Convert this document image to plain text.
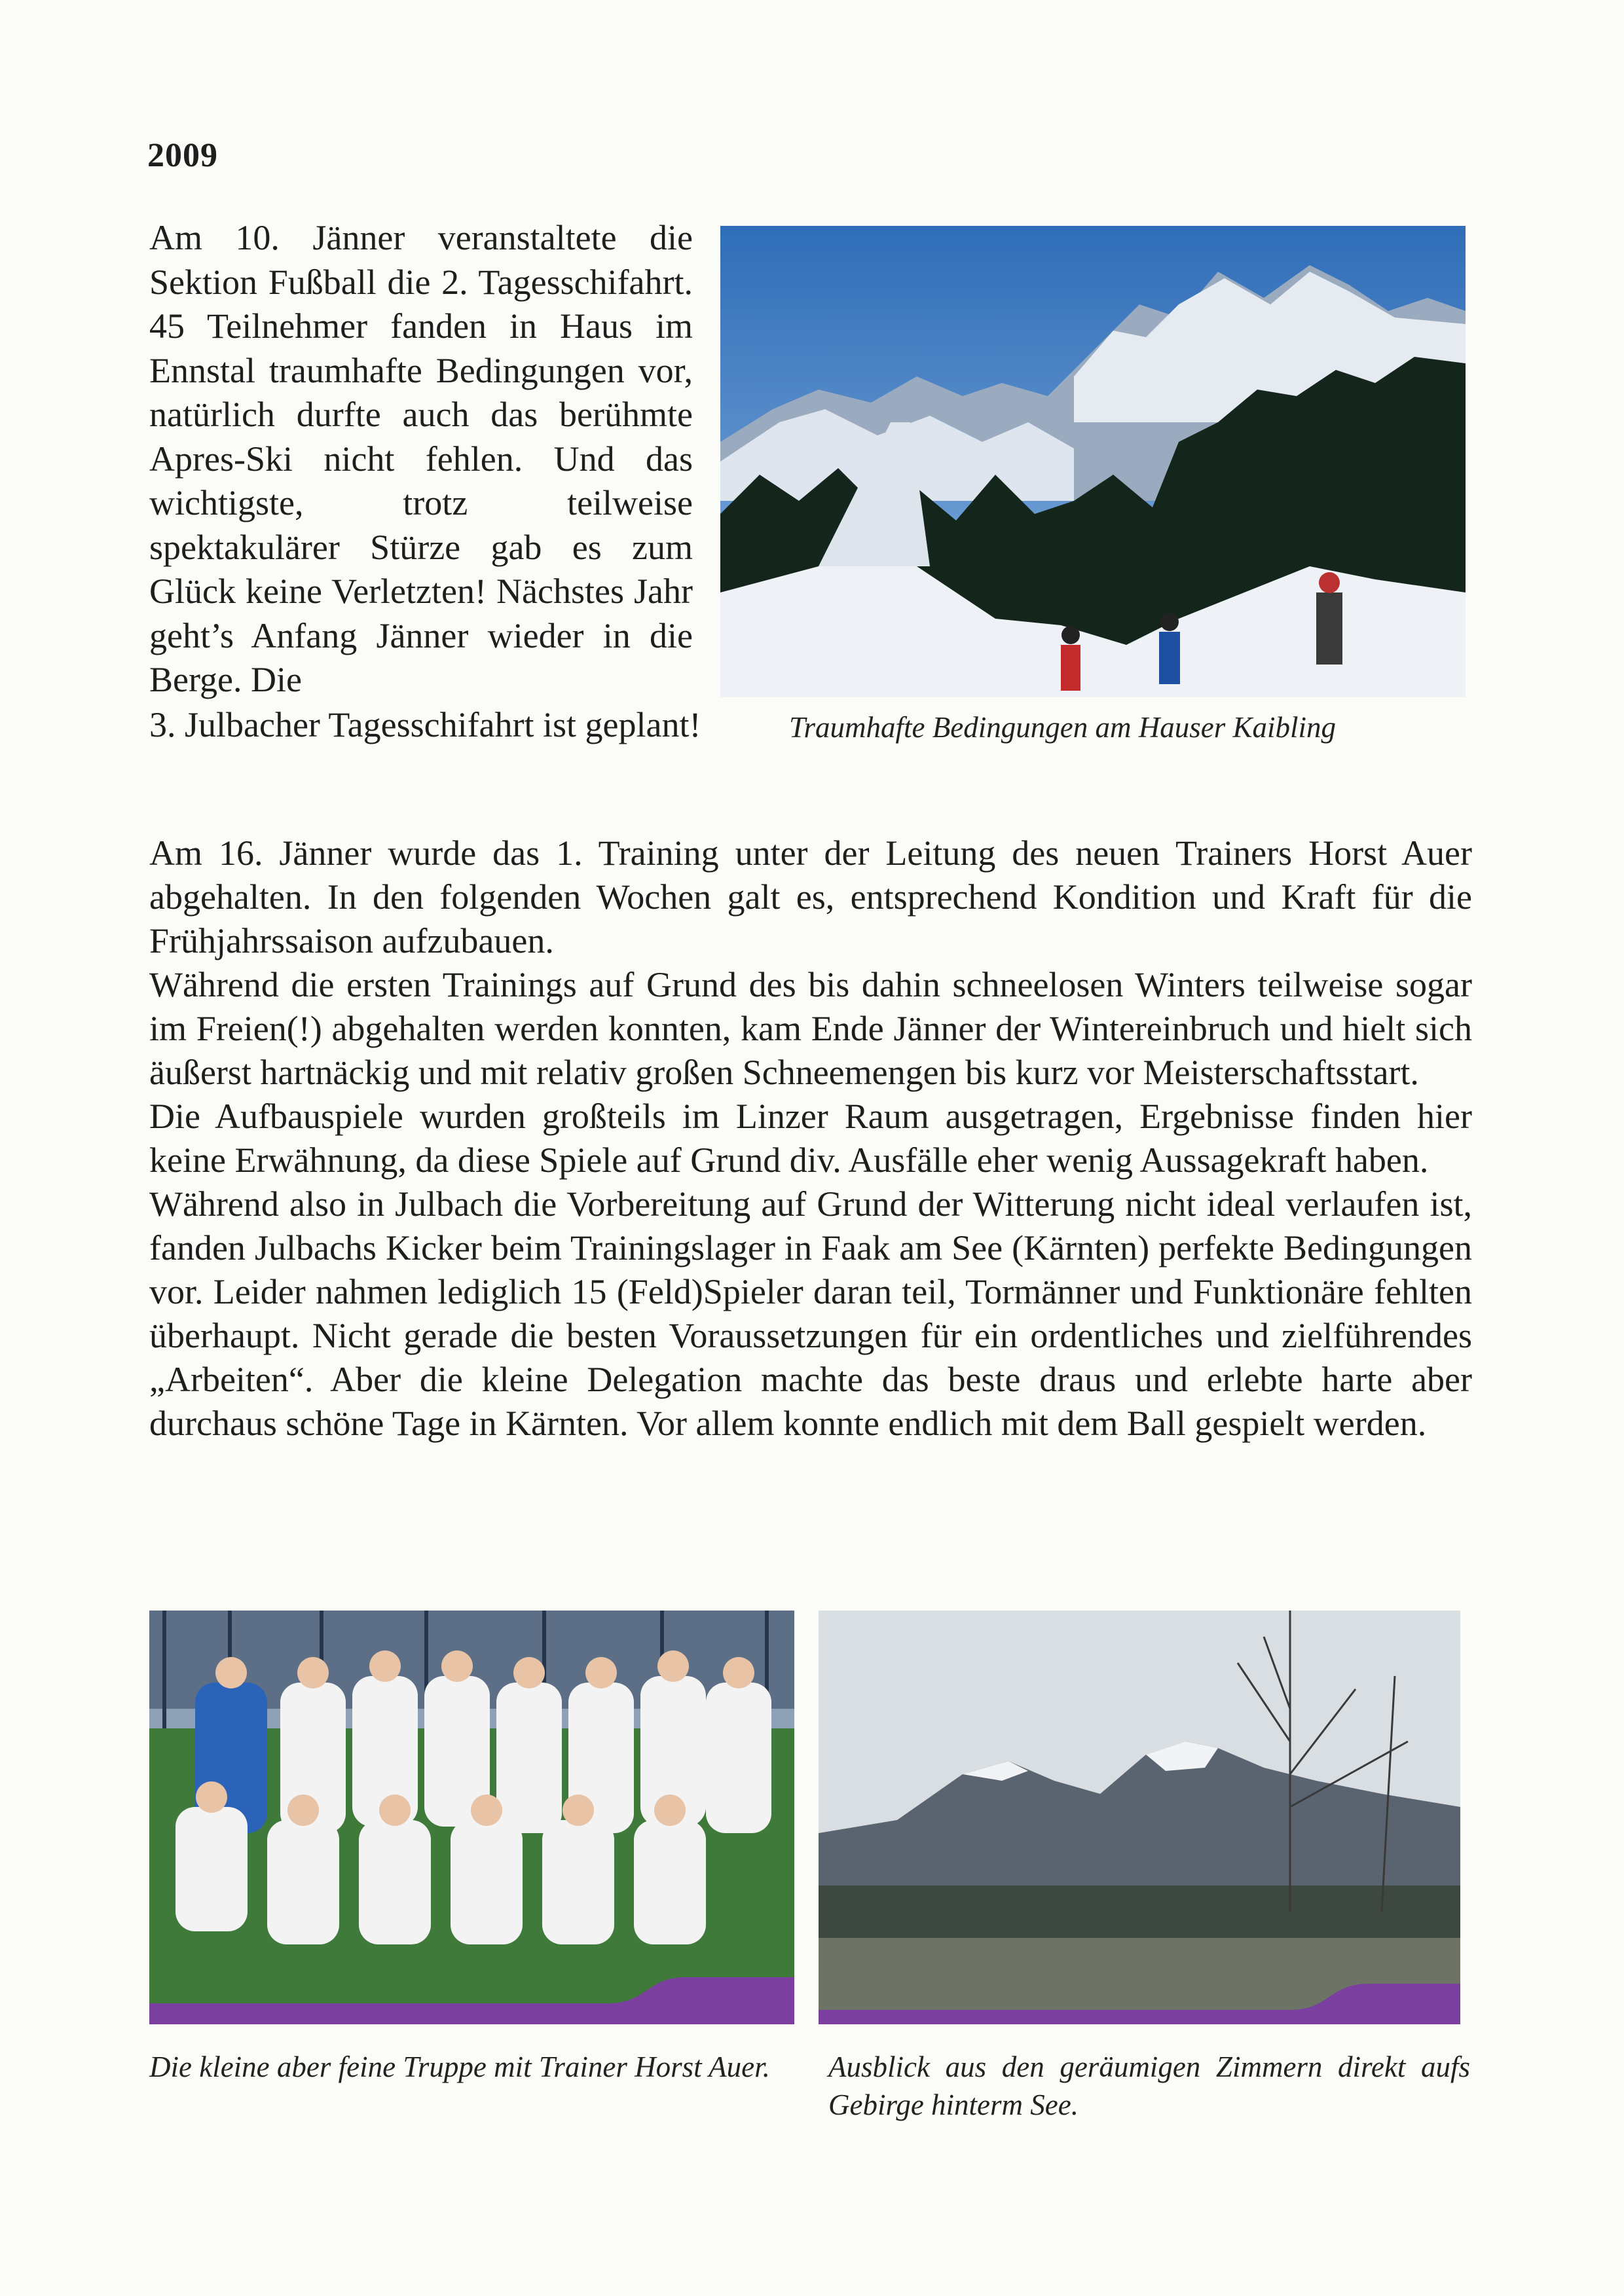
2009
Am 10. Jänner veranstaltete die Sektion Fußball die 2. Tagesschifahrt. 45 Teilnehmer fanden in Haus im Ennstal traumhafte Bedingungen vor, natürlich durfte auch das berühmte Apres-Ski nicht fehlen. Und das wichtigste, trotz teilweise spektakulärer Stürze gab es zum Glück keine Verletzten! Nächstes Jahr geht’s Anfang Jänner wieder in die Berge. Die
3. Julbacher Tagesschifahrt ist geplant!	Traumhafte Bedingungen am Hauser Kaibling

Am 16. Jänner wurde das 1. Training unter der Leitung des neuen Trainers Horst Auer abgehalten. In den folgenden Wochen galt es, entsprechend Kondition und Kraft für die Frühjahrssaison aufzubauen.

Während die ersten Trainings auf Grund des bis dahin schneelosen Winters teilweise sogar im Freien(!) abgehalten werden konnten, kam Ende Jänner der Wintereinbruch und hielt sich äußerst hartnäckig und mit relativ großen Schneemengen bis kurz vor Meisterschaftsstart.

Die Aufbauspiele wurden großteils im Linzer Raum ausgetragen, Ergebnisse finden hier keine Erwähnung, da diese Spiele auf Grund div. Ausfälle eher wenig Aussagekraft haben.

Während also in Julbach die Vorbereitung auf Grund der Witterung nicht ideal verlaufen ist, fanden Julbachs Kicker beim Trainingslager in Faak am See (Kärnten) perfekte Bedingungen vor. Leider nahmen lediglich 15 (Feld)Spieler daran teil, Tormänner und Funktionäre fehlten überhaupt. Nicht gerade die besten Voraussetzungen für ein ordentliches und zielführendes „Arbeiten“. Aber die kleine Delegation machte das beste draus und erlebte harte aber durchaus schöne Tage in Kärnten. Vor allem konnte endlich mit dem Ball gespielt werden.

Die kleine aber feine Truppe mit Trainer Horst Auer.	Ausblick aus den geräumigen Zimmern direkt aufs Gebirge hinterm See.
